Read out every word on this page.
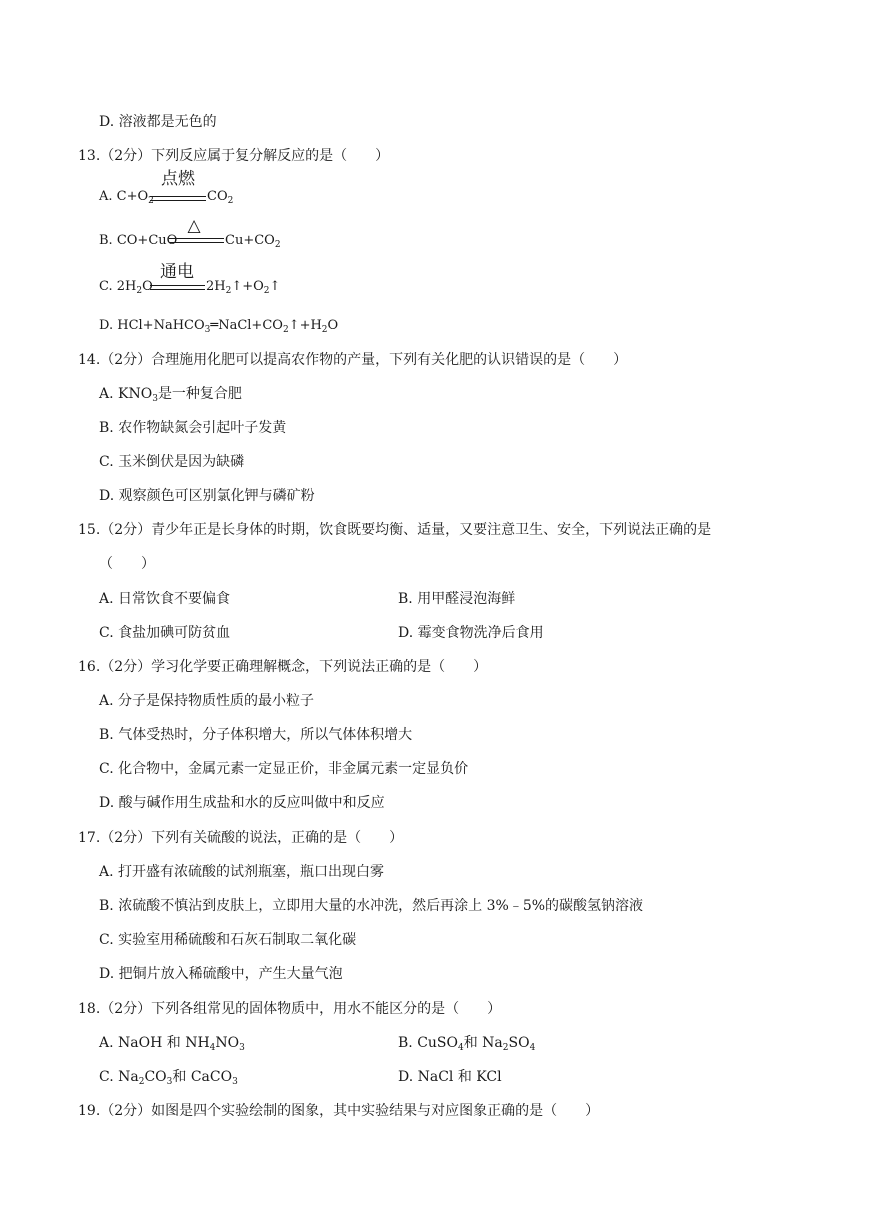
D. 溶液都是无色的
13.（2分）下列反应属于复分解反应的是（　　）
A. $C+O_2$
点燃
$CO_2$
B. CO+CuO
△
$Cu+CO_2$
C. $2H_2O$
通电
$2H_2↑+O_2↑$
D. $HCl+NaHCO_3═NaCl+CO_2↑+H_2O$
14.（2分）合理施用化肥可以提高农作物的产量，下列有关化肥的认识错误的是（　　）
A. $KNO_3$是一种复合肥
B. 农作物缺氮会引起叶子发黄
C. 玉米倒伏是因为缺磷
D. 观察颜色可区别氯化钾与磷矿粉
15.（2分）青少年正是长身体的时期，饮食既要均衡、适量，又要注意卫生、安全，下列说法正确的是
（　　）
A. 日常饮食不要偏食	B. 用甲醛浸泡海鲜
C. 食盐加碘可防贫血	D. 霉变食物洗净后食用
16.（2分）学习化学要正确理解概念，下列说法正确的是（　　）
A. 分子是保持物质性质的最小粒子
B. 气体受热时，分子体积增大，所以气体体积增大
C. 化合物中，金属元素一定显正价，非金属元素一定显负价
D. 酸与碱作用生成盐和水的反应叫做中和反应
17.（2分）下列有关硫酸的说法，正确的是（　　）
A. 打开盛有浓硫酸的试剂瓶塞，瓶口出现白雾
B. 浓硫酸不慎沾到皮肤上，立即用大量的水冲洗，然后再涂上 3%﹣5%的碳酸氢钠溶液
C. 实验室用稀硫酸和石灰石制取二氧化碳
D. 把铜片放入稀硫酸中，产生大量气泡
18.（2分）下列各组常见的固体物质中，用水不能区分的是（　　）
A. NaOH 和 $NH_4NO_3$	B. CuSO$_4$和 $Na_2SO_4$
C. $Na_2CO_3$和 CaCO$_3$	D. NaCl 和 KCl
19.（2分）如图是四个实验绘制的图象，其中实验结果与对应图象正确的是（　　）
